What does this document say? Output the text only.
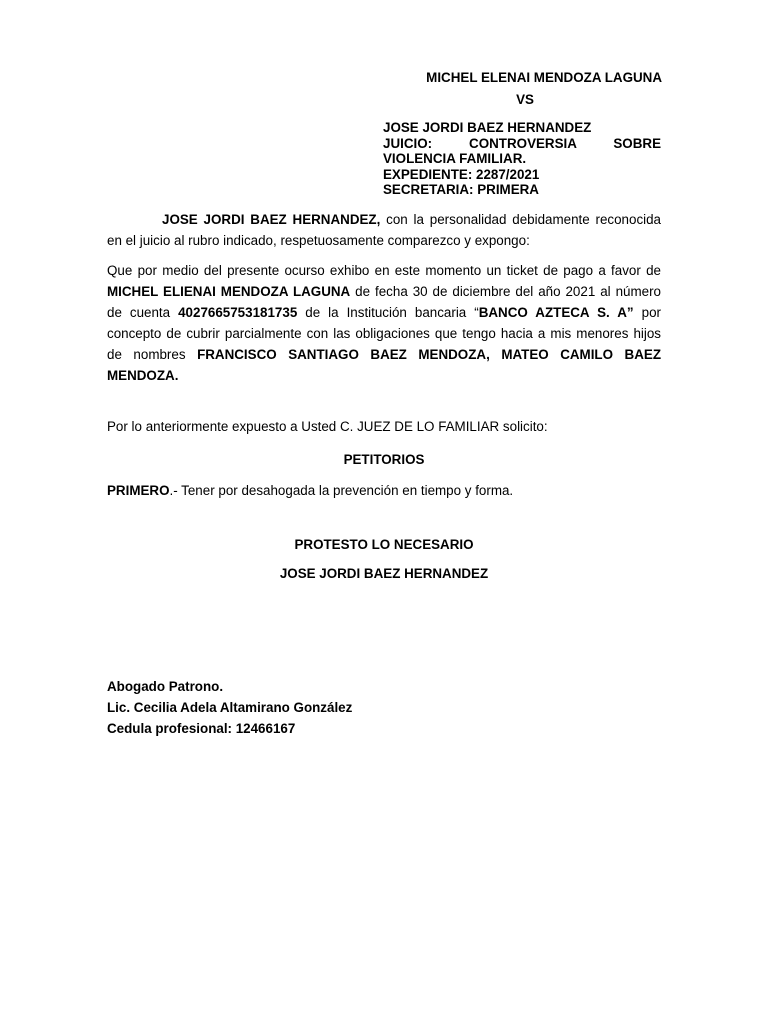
MICHEL ELENAI MENDOZA LAGUNA
VS
JOSE JORDI BAEZ HERNANDEZ
JUICIO: CONTROVERSIA SOBRE
VIOLENCIA FAMILIAR.
EXPEDIENTE: 2287/2021
SECRETARIA: PRIMERA
JOSE JORDI BAEZ HERNANDEZ, con la personalidad debidamente reconocida en el juicio al rubro indicado, respetuosamente comparezco y expongo:
Que por medio del presente ocurso exhibo en este momento un ticket de pago a favor de MICHEL ELIENAI MENDOZA LAGUNA de fecha 30 de diciembre del año 2021 al número de cuenta 4027665753181735 de la Institución bancaria “BANCO AZTECA S. A” por concepto de cubrir parcialmente con las obligaciones que tengo hacia a mis menores hijos de nombres FRANCISCO SANTIAGO BAEZ MENDOZA, MATEO CAMILO BAEZ MENDOZA.
Por lo anteriormente expuesto a Usted C. JUEZ DE LO FAMILIAR solicito:
PETITORIOS
PRIMERO.- Tener por desahogada la prevención en tiempo y forma.
PROTESTO LO NECESARIO
JOSE JORDI BAEZ HERNANDEZ
Abogado Patrono.
Lic. Cecilia Adela Altamirano González
Cedula profesional: 12466167
